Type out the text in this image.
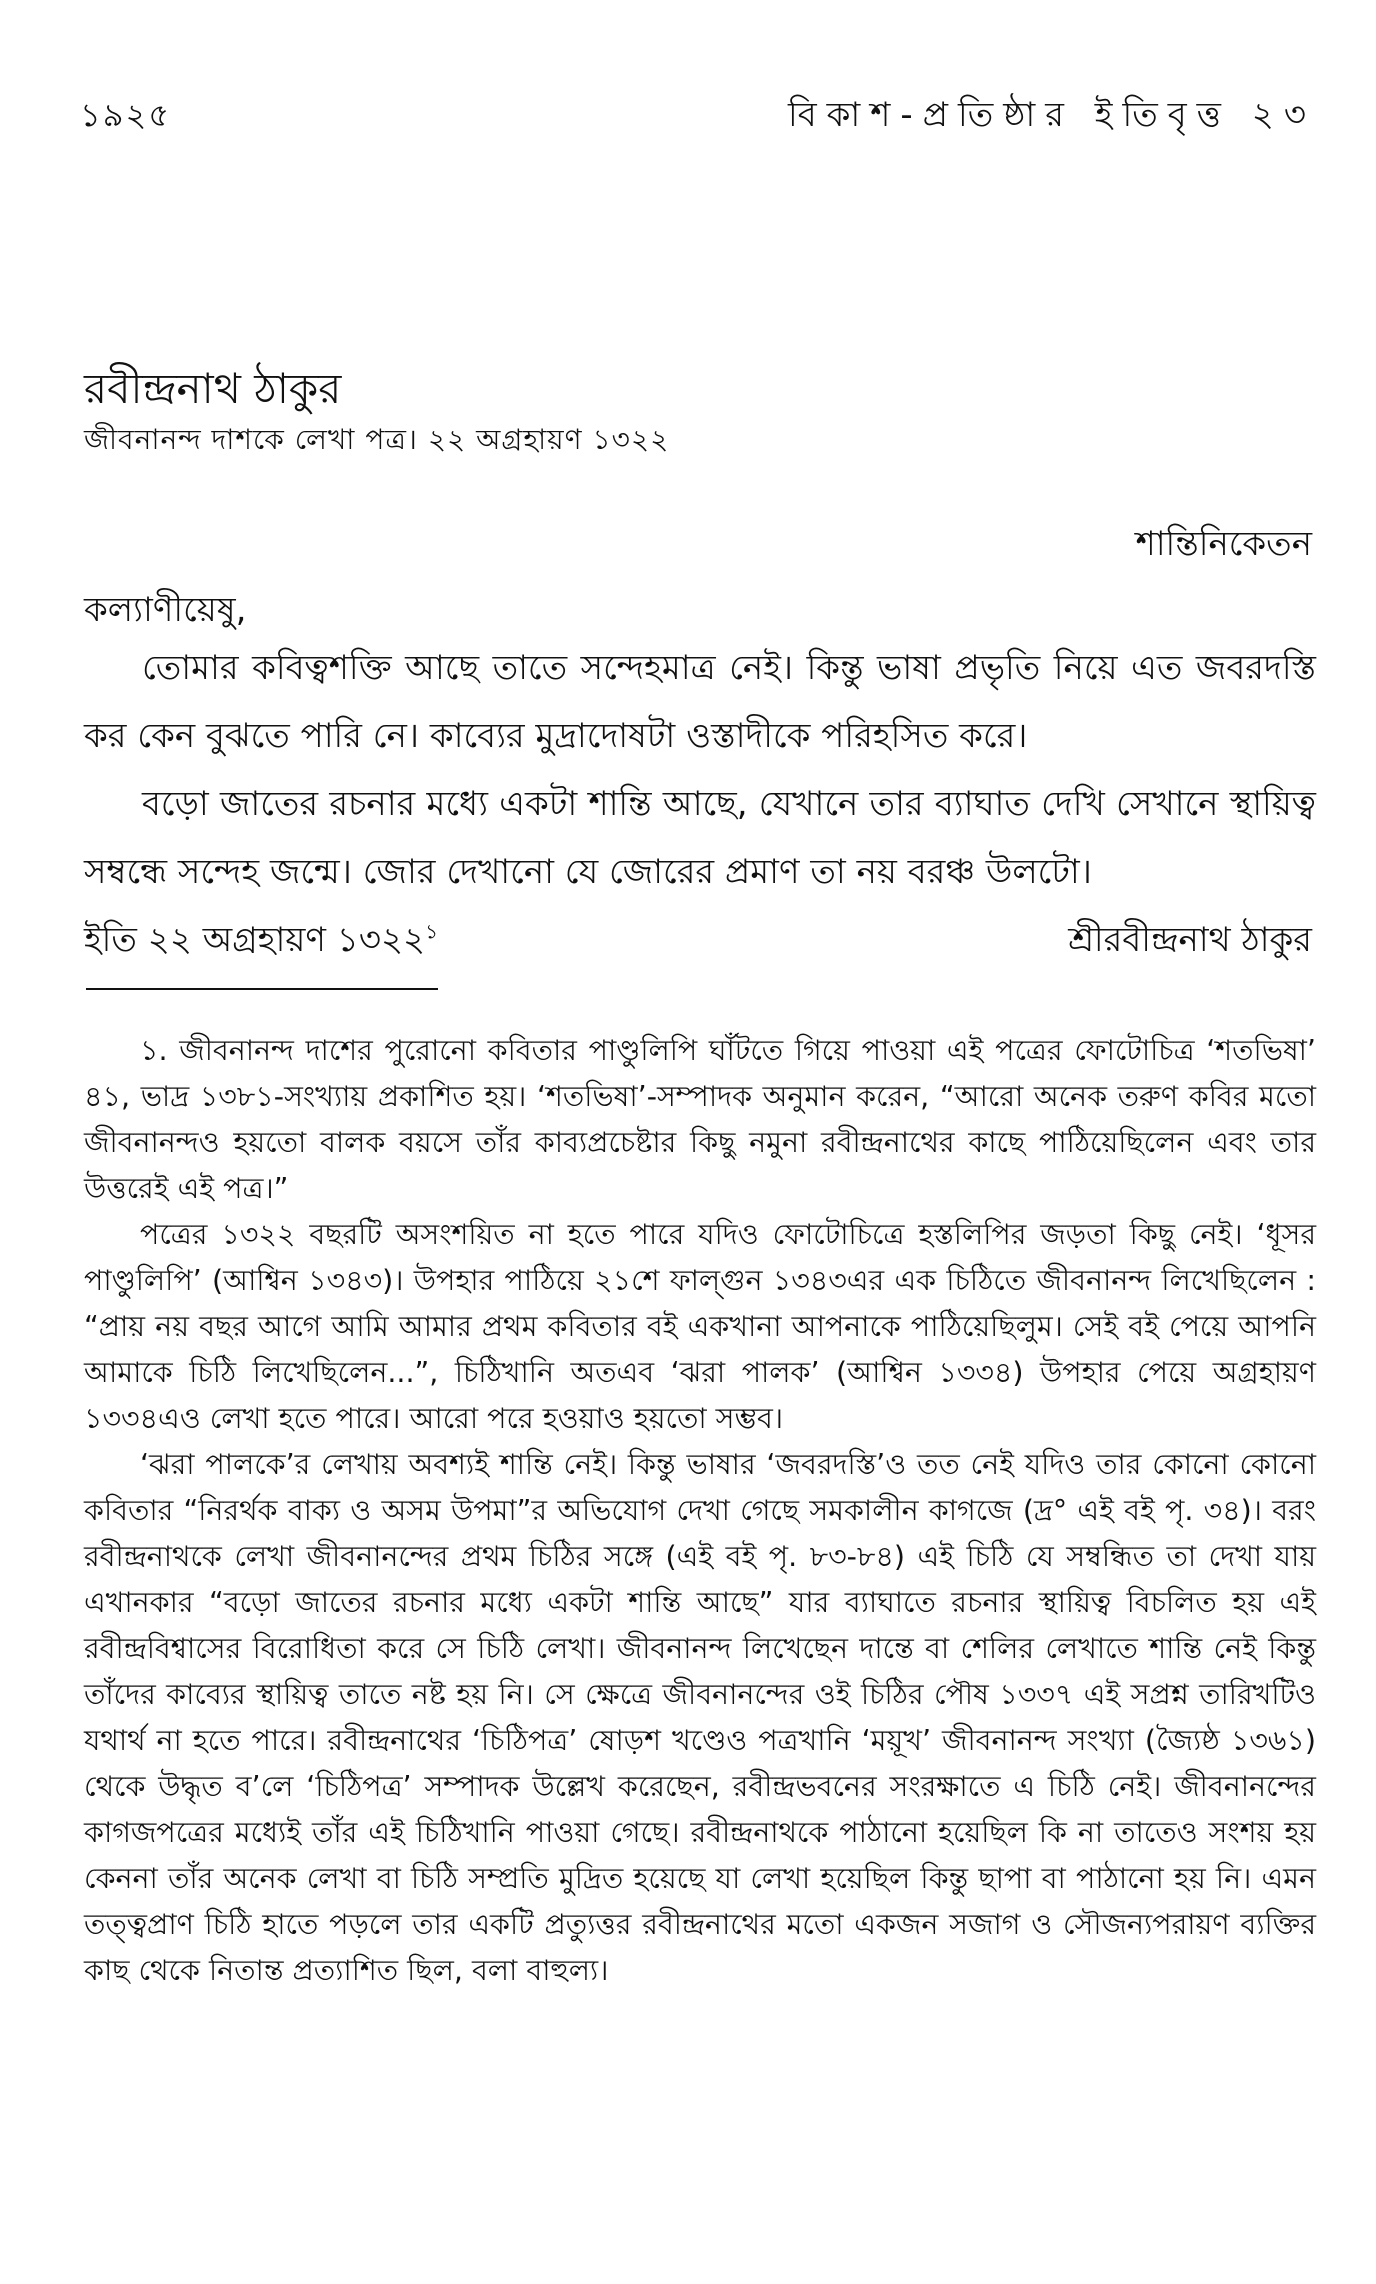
১৯২৫	বিকাশ-প্রতিষ্ঠার ইতিবৃত্ত ২৩
রবীন্দ্রনাথ ঠাকুর
জীবনানন্দ দাশকে লেখা পত্র। ২২ অগ্রহায়ণ ১৩২২
শান্তিনিকেতন
কল্যাণীয়েষু,

তোমার কবিত্বশক্তি আছে তাতে সন্দেহমাত্র নেই। কিন্তু ভাষা প্রভৃতি নিয়ে এত জবরদস্তি কর কেন বুঝতে পারি নে। কাব্যের মুদ্রাদোষটা ওস্তাদীকে পরিহসিত করে।

বড়ো জাতের রচনার মধ্যে একটা শান্তি আছে, যেখানে তার ব্যাঘাত দেখি সেখানে স্থায়িত্ব সম্বন্ধে সন্দেহ জন্মে। জোর দেখানো যে জোরের প্রমাণ তা নয় বরঞ্চ উলটো।

ইতি ২২ অগ্রহায়ণ ১৩২২$^১$	শ্রীরবীন্দ্রনাথ ঠাকুর

১. জীবনানন্দ দাশের পুরোনো কবিতার পাণ্ডুলিপি ঘাঁটতে গিয়ে পাওয়া এই পত্রের ফোটোচিত্র ‘শতভিষা’ ৪১, ভাদ্র ১৩৮১-সংখ্যায় প্রকাশিত হয়। ‘শতভিষা’-সম্পাদক অনুমান করেন, “আরো অনেক তরুণ কবির মতো জীবনানন্দও হয়তো বালক বয়সে তাঁর কাব্যপ্রচেষ্টার কিছু নমুনা রবীন্দ্রনাথের কাছে পাঠিয়েছিলেন এবং তার উত্তরেই এই পত্র।”

পত্রের ১৩২২ বছরটি অসংশয়িত না হতে পারে যদিও ফোটোচিত্রে হস্তলিপির জড়তা কিছু নেই। ‘ধূসর পাণ্ডুলিপি’ (আশ্বিন ১৩৪৩)। উপহার পাঠিয়ে ২১শে ফাল্গুন ১৩৪৩এর এক চিঠিতে জীবনানন্দ লিখেছিলেন : “প্রায় নয় বছর আগে আমি আমার প্রথম কবিতার বই একখানা আপনাকে পাঠিয়েছিলুম। সেই বই পেয়ে আপনি আমাকে চিঠি লিখেছিলেন...”, চিঠিখানি অতএব ‘ঝরা পালক’ (আশ্বিন ১৩৩৪) উপহার পেয়ে অগ্রহায়ণ ১৩৩৪এও লেখা হতে পারে। আরো পরে হওয়াও হয়তো সম্ভব।

‘ঝরা পালকে’র লেখায় অবশ্যই শান্তি নেই। কিন্তু ভাষার ‘জবরদস্তি’ও তত নেই যদিও তার কোনো কোনো কবিতার “নিরর্থক বাক্য ও অসম উপমা”র অভিযোগ দেখা গেছে সমকালীন কাগজে (দ্র° এই বই পৃ. ৩৪)। বরং রবীন্দ্রনাথকে লেখা জীবনানন্দের প্রথম চিঠির সঙ্গে (এই বই পৃ. ৮৩-৮৪) এই চিঠি যে সম্বন্ধিত তা দেখা যায় এখানকার “বড়ো জাতের রচনার মধ্যে একটা শান্তি আছে” যার ব্যাঘাতে রচনার স্থায়িত্ব বিচলিত হয় এই রবীন্দ্রবিশ্বাসের বিরোধিতা করে সে চিঠি লেখা। জীবনানন্দ লিখেছেন দান্তে বা শেলির লেখাতে শান্তি নেই কিন্তু তাঁদের কাব্যের স্থায়িত্ব তাতে নষ্ট হয় নি। সে ক্ষেত্রে জীবনানন্দের ওই চিঠির পৌষ ১৩৩৭ এই সপ্রশ্ন তারিখটিও যথার্থ না হতে পারে। রবীন্দ্রনাথের ‘চিঠিপত্র’ ষোড়শ খণ্ডেও পত্রখানি ‘ময়ূখ’ জীবনানন্দ সংখ্যা (জ্যৈষ্ঠ ১৩৬১) থেকে উদ্ধৃত ব’লে ‘চিঠিপত্র’ সম্পাদক উল্লেখ করেছেন, রবীন্দ্রভবনের সংরক্ষাতে এ চিঠি নেই। জীবনানন্দের কাগজপত্রের মধ্যেই তাঁর এই চিঠিখানি পাওয়া গেছে। রবীন্দ্রনাথকে পাঠানো হয়েছিল কি না তাতেও সংশয় হয় কেননা তাঁর অনেক লেখা বা চিঠি সম্প্রতি মুদ্রিত হয়েছে যা লেখা হয়েছিল কিন্তু ছাপা বা পাঠানো হয় নি। এমন তত্ত্বপ্রাণ চিঠি হাতে পড়লে তার একটি প্রত্যুত্তর রবীন্দ্রনাথের মতো একজন সজাগ ও সৌজন্যপরায়ণ ব্যক্তির কাছ থেকে নিতান্ত প্রত্যাশিত ছিল, বলা বাহুল্য।
